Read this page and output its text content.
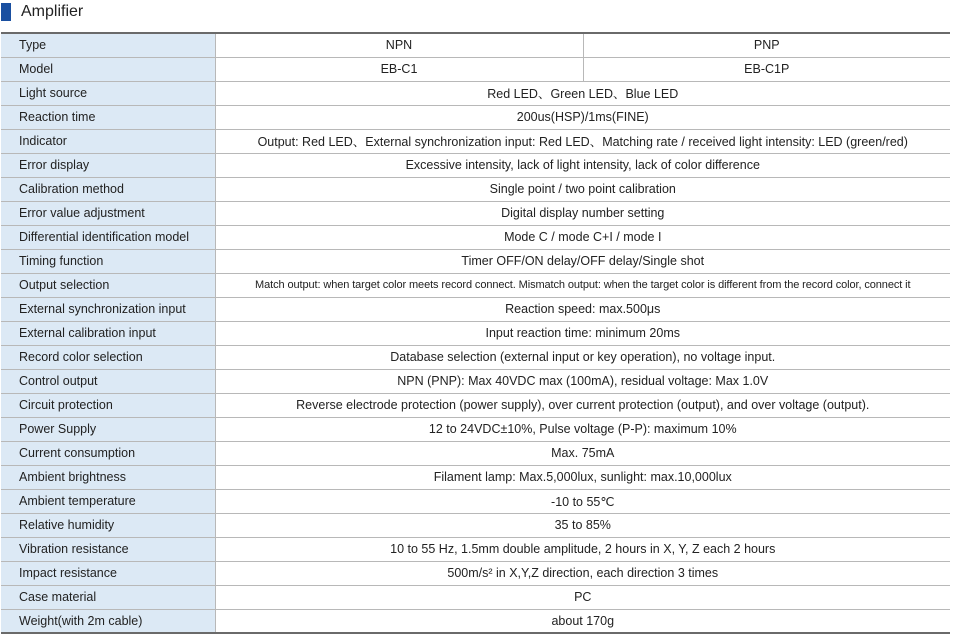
Amplifier
Type	NPN	PNP
Model	EB-C1	EB-C1P
Light source	Red LED、Green LED、Blue LED	
Reaction time	200us(HSP)/1ms(FINE)	
Indicator	Output: Red LED、External synchronization input: Red LED、Matching rate / received light intensity: LED (green/red)	
Error display	Excessive intensity, lack of light intensity, lack of color difference	
Calibration method	Single point / two point calibration	
Error value adjustment	Digital display number setting	
Differential identification model	Mode C / mode C+I / mode I	
Timing function	Timer OFF/ON delay/OFF delay/Single shot	
Output selection	Match output: when target color meets record connect. Mismatch output: when the target color is different from the record color, connect it	
External synchronization input	Reaction speed: max.500μs	
External calibration input	Input reaction time: minimum 20ms	
Record color selection	Database selection (external input or key operation), no voltage input.	
Control output	NPN (PNP): Max 40VDC max (100mA), residual voltage: Max 1.0V	
Circuit protection	Reverse electrode protection (power supply), over current protection (output), and over voltage (output).	
Power Supply	12 to 24VDC±10%, Pulse voltage (P-P): maximum 10%	
Current consumption	Max. 75mA	
Ambient brightness	Filament lamp: Max.5,000lux, sunlight: max.10,000lux	
Ambient temperature	-10 to 55℃	
Relative humidity	35 to 85%	
Vibration resistance	10 to 55 Hz, 1.5mm double amplitude, 2 hours in X, Y, Z each 2 hours	
Impact resistance	500m/s² in X,Y,Z direction, each direction 3 times	
Case material	PC	
Weight(with 2m cable)	about 170g	
